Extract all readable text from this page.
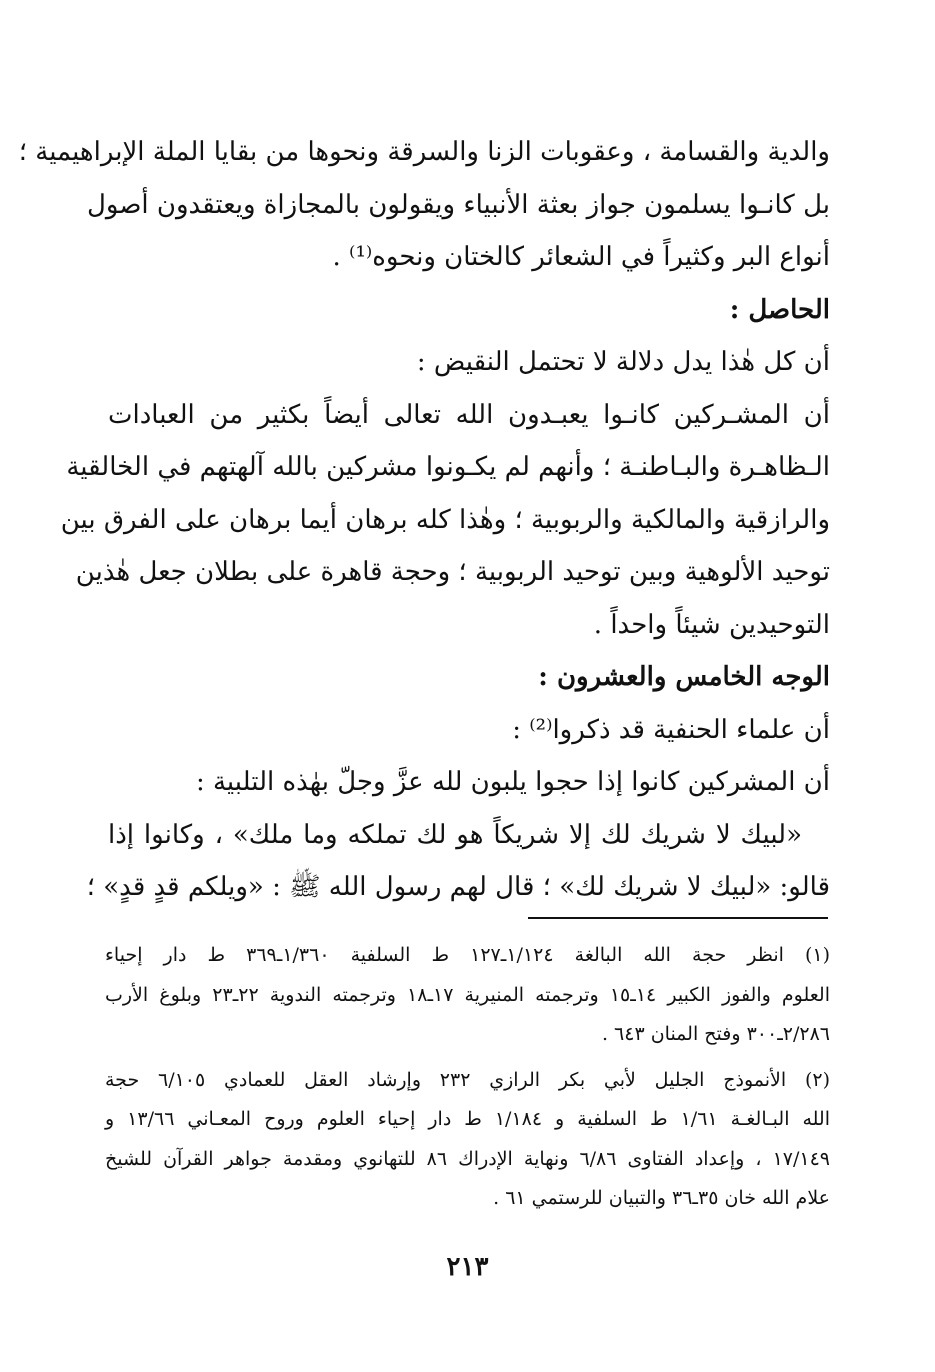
والدية والقسامة ، وعقوبات الزنا والسرقة ونحوها من بقايا الملة الإبراهيمية ؛
بل كانـوا يسلمون جواز بعثة الأنبياء ويقولون بالمجازاة ويعتقدون أصول
أنواع البر وكثيراً في الشعائر كالختان ونحوه⁽¹⁾ .
الحاصل :
أن كل هٰذا يدل دلالة لا تحتمل النقيض :
أن المشـركين كانـوا يعبـدون الله تعالى أيضاً بكثير من العبادات
الـظاهـرة والبـاطنـة ؛ وأنهم لم يكـونوا مشركين بالله آلهتهم في الخالقية
والرازقية والمالكية والربوبية ؛ وهٰذا كله برهان أيما برهان على الفرق بين
توحيد الألوهية وبين توحيد الربوبية ؛ وحجة قاهرة على بطلان جعل هٰذين
التوحيدين شيئاً واحداً .
الوجه الخامس والعشرون :
أن علماء الحنفية قد ذكروا⁽²⁾ :
أن المشركين كانوا إذا حجوا يلبون لله عزَّ وجلّ بهٰذه التلبية :
«لبيك لا شريك لك إلا شريكاً هو لك تملكه وما ملك» ، وكانوا إذا
قالو: «لبيك لا شريك لك» ؛ قال لهم رسول الله ﷺ : «ويلكم قدٍ قدٍ» ؛
(١) انظر حجة الله البالغة ١/١٢٤ـ١٢٧ ط السلفية ١/٣٦٠ـ٣٦٩ ط دار إحياء
العلوم والفوز الكبير ١٤ـ١٥ وترجمته المنيرية ١٧ـ١٨ وترجمته الندوية ٢٢ـ٢٣ وبلوغ الأرب
٢/٢٨٦ـ٣٠٠ وفتح المنان ٦٤٣ .
(٢) الأنموذج الجليل لأبي بكر الرازي ٢٣٢ وإرشاد العقل للعمادي ٦/١٠٥ حجة
الله البـالغـة ١/٦١ ط السلفية و ١/١٨٤ ط دار إحياء العلوم وروح المعـاني ١٣/٦٦ و
١٧/١٤٩ ، وإعداد الفتاوى ٦/٨٦ ونهاية الإدراك ٨٦ للتهانوي ومقدمة جواهر القرآن للشيخ
علام الله خان ٣٥ـ٣٦ والتبيان للرستمي ٦١ .
٢١٣
